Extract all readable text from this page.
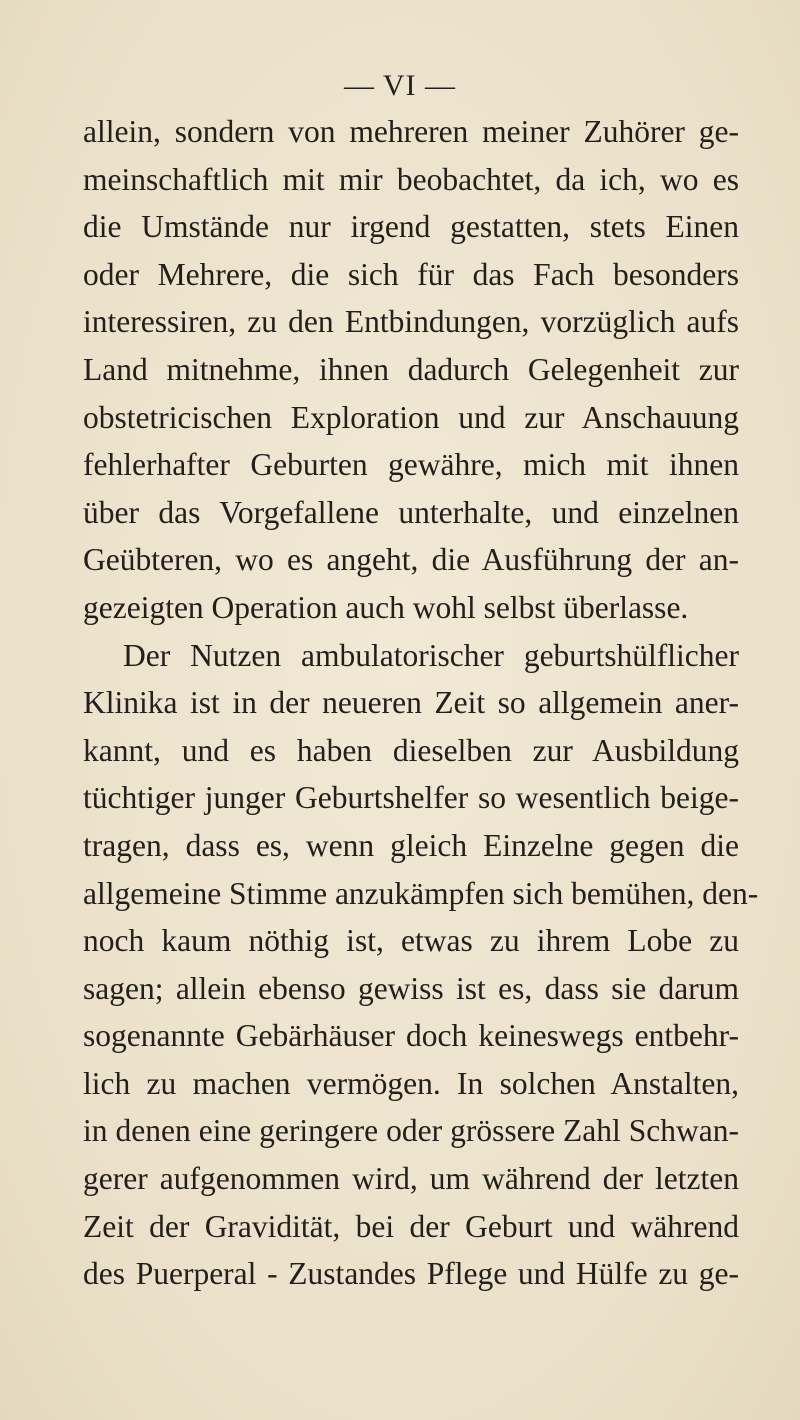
— VI —
allein, sondern von mehreren meiner Zuhörer ge-
meinschaftlich mit mir beobachtet, da ich, wo es
die Umstände nur irgend gestatten, stets Einen
oder Mehrere, die sich für das Fach besonders
interessiren, zu den Entbindungen, vorzüglich aufs
Land mitnehme, ihnen dadurch Gelegenheit zur
obstetricischen Exploration und zur Anschauung
fehlerhafter Geburten gewähre, mich mit ihnen
über das Vorgefallene unterhalte, und einzelnen
Geübteren, wo es angeht, die Ausführung der an-
gezeigten Operation auch wohl selbst überlasse.
Der Nutzen ambulatorischer geburtshülflicher
Klinika ist in der neueren Zeit so allgemein aner-
kannt, und es haben dieselben zur Ausbildung
tüchtiger junger Geburtshelfer so wesentlich beige-
tragen, dass es, wenn gleich Einzelne gegen die
allgemeine Stimme anzukämpfen sich bemühen, den-
noch kaum nöthig ist, etwas zu ihrem Lobe zu
sagen; allein ebenso gewiss ist es, dass sie darum
sogenannte Gebärhäuser doch keineswegs entbehr-
lich zu machen vermögen. In solchen Anstalten,
in denen eine geringere oder grössere Zahl Schwan-
gerer aufgenommen wird, um während der letzten
Zeit der Gravidität, bei der Geburt und während
des Puerperal - Zustandes Pflege und Hülfe zu ge-
